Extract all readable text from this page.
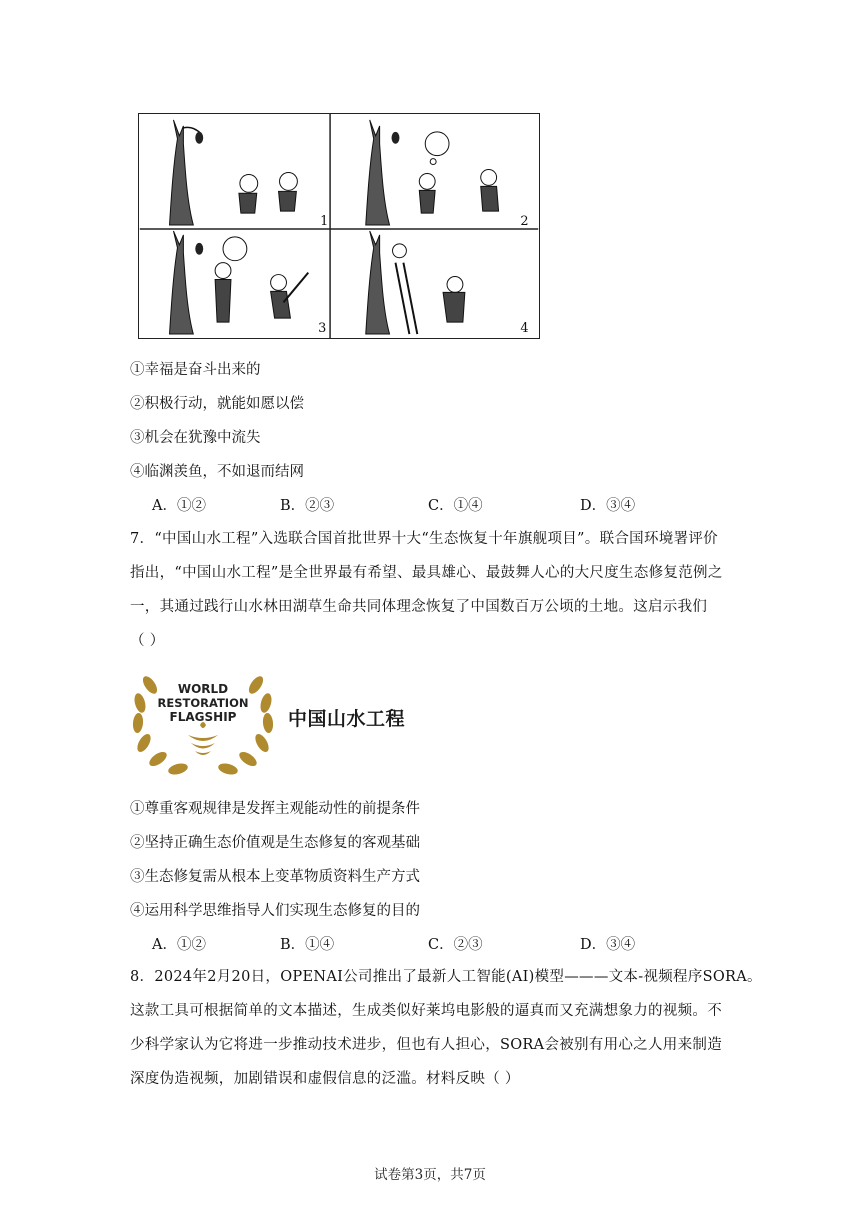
1	2
3	4
①幸福是奋斗出来的
②积极行动，就能如愿以偿
③机会在犹豫中流失
④临渊羡鱼，不如退而结网
A．①②	B．②③	C．①④	D．③④
7．“中国山水工程”入选联合国首批世界十大“生态恢复十年旗舰项目”。联合国环境署评价
指出，“中国山水工程”是全世界最有希望、最具雄心、最鼓舞人心的大尺度生态修复范例之
一，其通过践行山水林田湖草生命共同体理念恢复了中国数百万公顷的土地。这启示我们
（ ）
WORLD
RESTORATION
FLAGSHIP	中国山水工程
①尊重客观规律是发挥主观能动性的前提条件
②坚持正确生态价值观是生态修复的客观基础
③生态修复需从根本上变革物质资料生产方式
④运用科学思维指导人们实现生态修复的目的
A．①②	B．①④	C．②③	D．③④
8．2024年2月20日，OPENAI公司推出了最新人工智能(AI)模型———文本-视频程序SORA。
这款工具可根据简单的文本描述，生成类似好莱坞电影般的逼真而又充满想象力的视频。不
少科学家认为它将进一步推动技术进步，但也有人担心，SORA会被别有用心之人用来制造
深度伪造视频，加剧错误和虚假信息的泛滥。材料反映（ ）
试卷第3页，共7页
